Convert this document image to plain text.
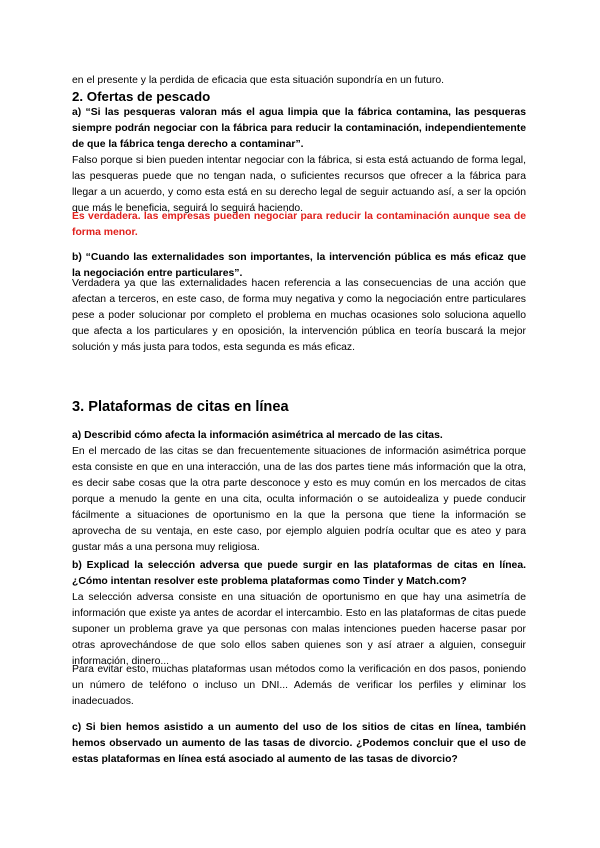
en el presente y la perdida de eficacia que esta situación supondría en un futuro.

2. Ofertas de pescado

a) “Si las pesqueras valoran más el agua limpia que la fábrica contamina, las pesqueras siempre podrán negociar con la fábrica para reducir la contaminación, independientemente de que la fábrica tenga derecho a contaminar”.

Falso porque si bien pueden intentar negociar con la fábrica, si esta está actuando de forma legal, las pesqueras puede que no tengan nada, o suficientes recursos que ofrecer a la fábrica para llegar a un acuerdo, y como esta está en su derecho legal de seguir actuando así, a ser la opción que más le beneficia, seguirá lo seguirá haciendo.

Es verdadera. las empresas pueden negociar para reducir la contaminación aunque sea de forma menor.

b) “Cuando las externalidades son importantes, la intervención pública es más eficaz que la negociación entre particulares”.

Verdadera ya que las externalidades hacen referencia a las consecuencias de una acción que afectan a terceros, en este caso, de forma muy negativa y como la negociación entre particulares pese a poder solucionar por completo el problema en muchas ocasiones solo soluciona aquello que afecta a los particulares y en oposición, la intervención pública en teoría buscará la mejor solución y más justa para todos, esta segunda es más eficaz.

3. Plataformas de citas en línea

a) Describid cómo afecta la información asimétrica al mercado de las citas.

En el mercado de las citas se dan frecuentemente situaciones de información asimétrica porque esta consiste en que en una interacción, una de las dos partes tiene más información que la otra, es decir sabe cosas que la otra parte desconoce y esto es muy común en los mercados de citas porque a menudo la gente en una cita, oculta información o se autoidealiza y puede conducir fácilmente a situaciones de oportunismo en la que la persona que tiene la información se aprovecha de su ventaja, en este caso, por ejemplo alguien podría ocultar que es ateo y para gustar más a una persona muy religiosa.

b) Explicad la selección adversa que puede surgir en las plataformas de citas en línea. ¿Cómo intentan resolver este problema plataformas como Tinder y Match.com?

La selección adversa consiste en una situación de oportunismo en que hay una asimetría de información que existe ya antes de acordar el intercambio. Esto en las plataformas de citas puede suponer un problema grave ya que personas con malas intenciones pueden hacerse pasar por otras aprovechándose de que solo ellos saben quienes son y así atraer a alguien, conseguir información, dinero...

Para evitar esto, muchas plataformas usan métodos como la verificación en dos pasos, poniendo un número de teléfono o incluso un DNI... Además de verificar los perfiles y eliminar los inadecuados.

c) Si bien hemos asistido a un aumento del uso de los sitios de citas en línea, también hemos observado un aumento de las tasas de divorcio. ¿Podemos concluir que el uso de estas plataformas en línea está asociado al aumento de las tasas de divorcio?
